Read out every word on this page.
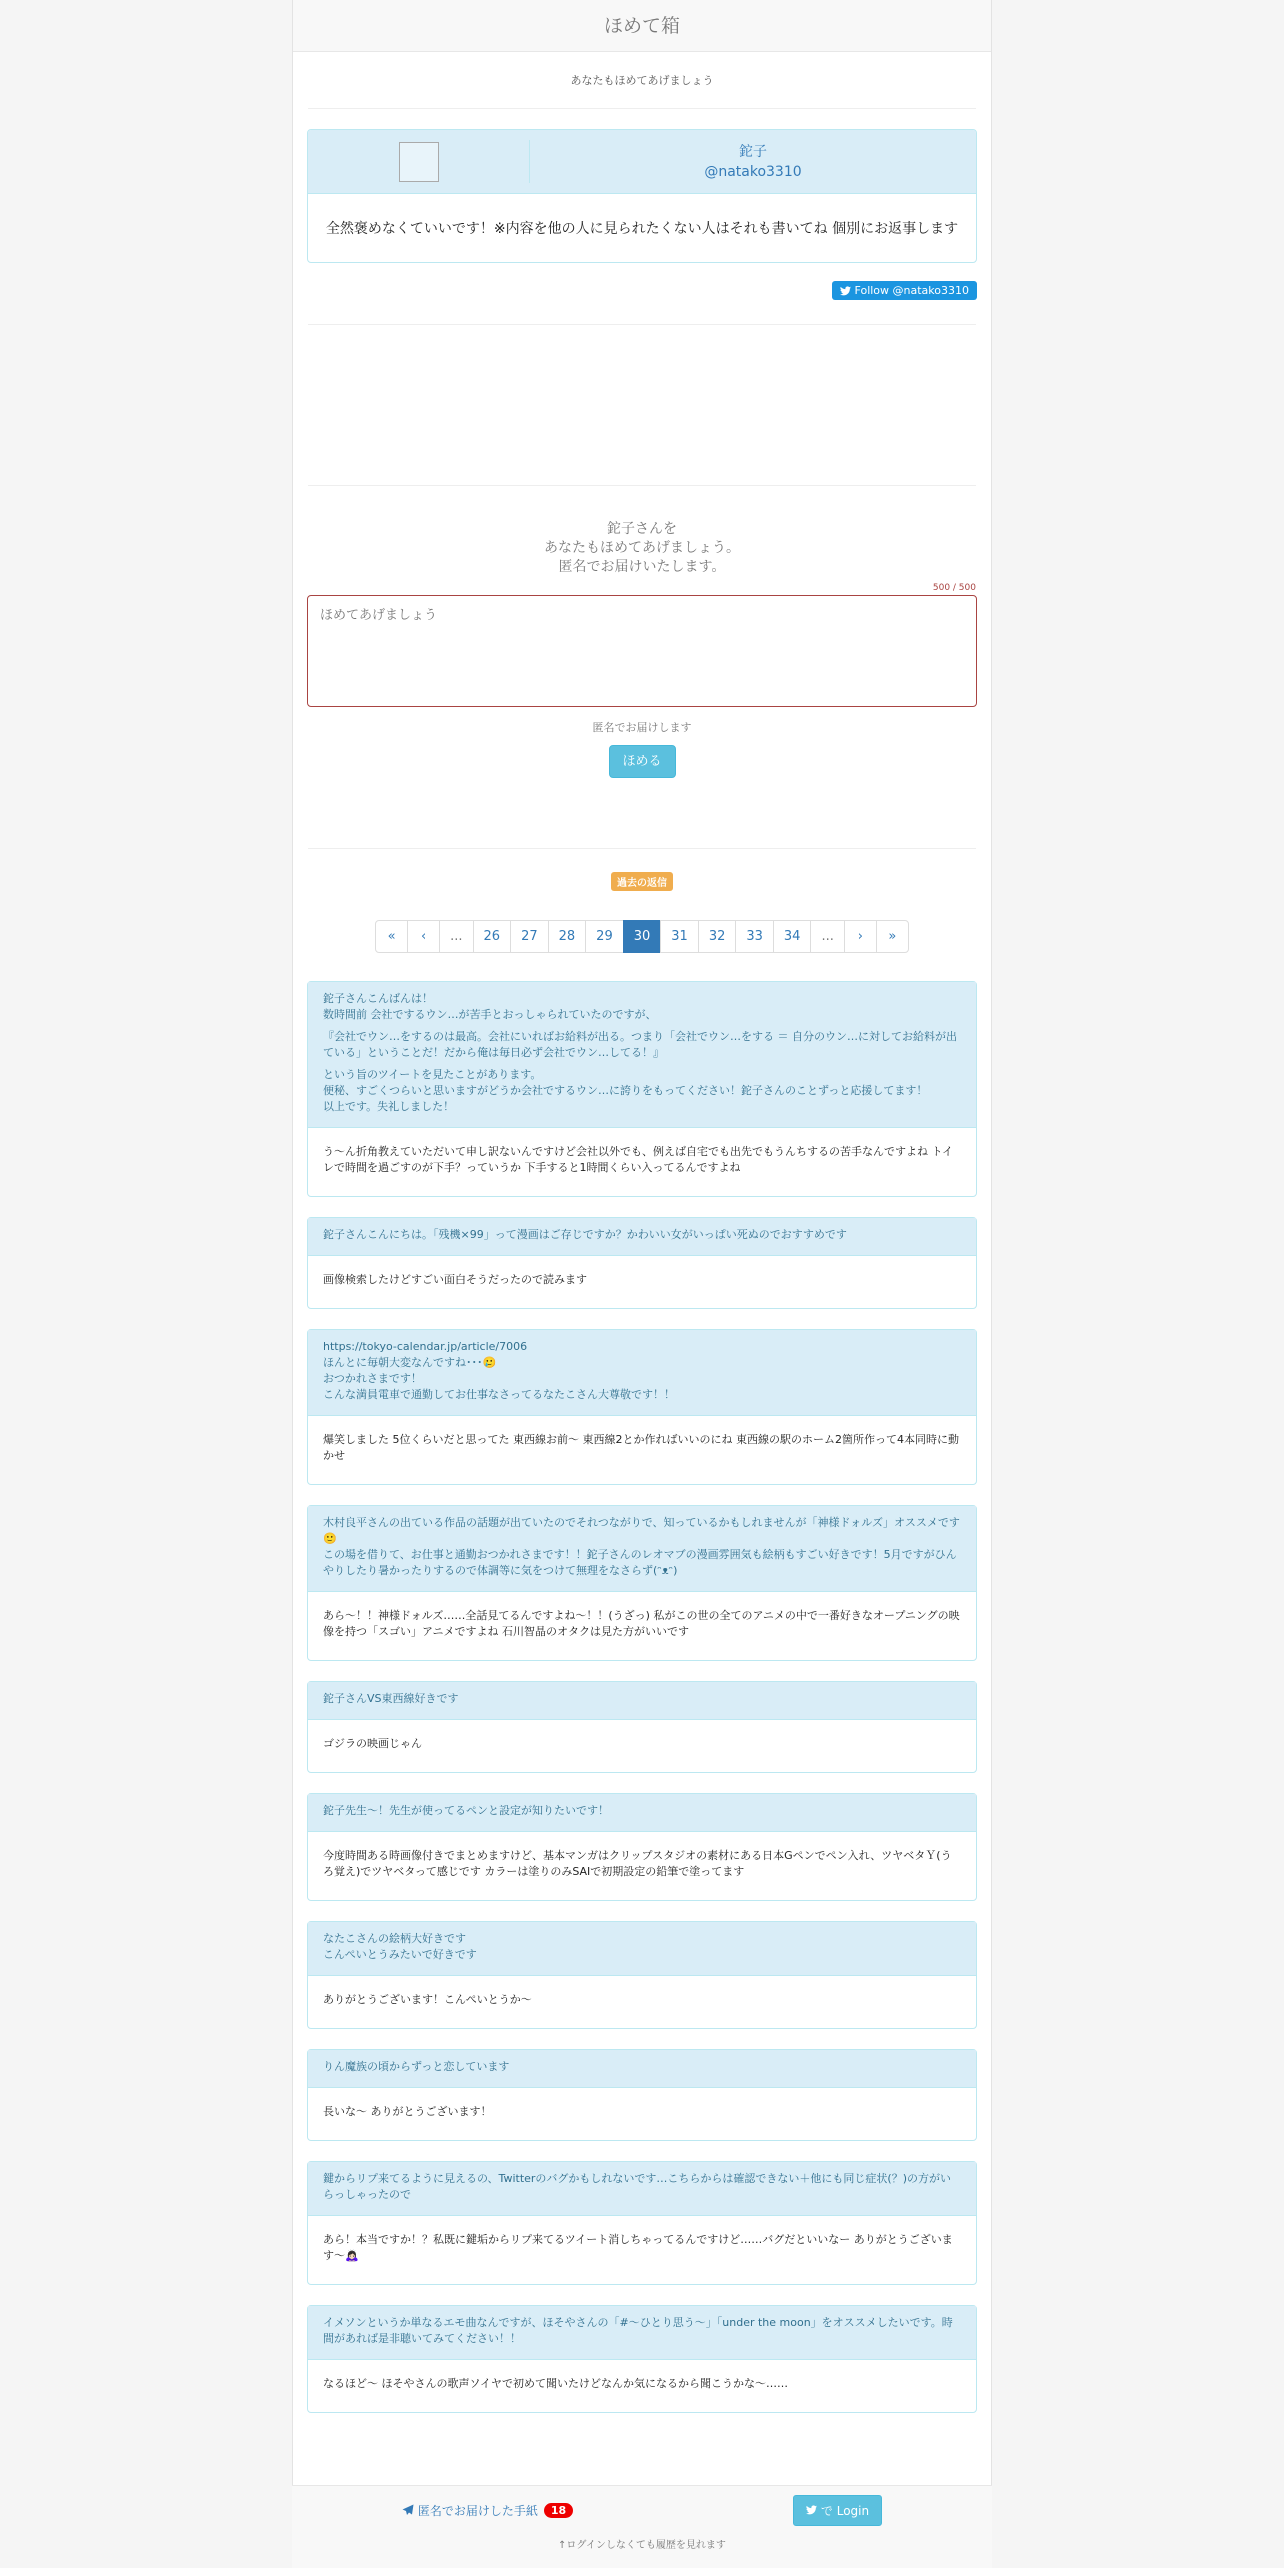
ほめて箱
あなたもほめてあげましょう
鉈子
@natako3310
全然褒めなくていいです！※内容を他の人に見られたくない人はそれも書いてね 個別にお返事します
Follow @natako3310
鉈子さんを
あなたもほめてあげましょう。
匿名でお届けいたします。
500 / 500
ほめてあげましょう
匿名でお届けします
ほめる
過去の返信
«	‹	...	26	27	28	29	30	31	32	33	34	...	›	»
鉈子さんこんばんは！
数時間前 会社でするウン…が苦手とおっしゃられていたのですが、
『会社でウン…をするのは最高。会社にいればお給料が出る。つまり「会社でウン…をする ＝ 自分のウン…に対してお給料が出ている」ということだ！だから俺は毎日必ず会社でウン…してる！』
という旨のツイートを見たことがあります。
便秘、すごくつらいと思いますがどうか会社でするウン…に誇りをもってください！鉈子さんのことずっと応援してます！
以上です。失礼しました！
う〜ん折角教えていただいて申し訳ないんですけど会社以外でも、例えば自宅でも出先でもうんちするの苦手なんですよね トイレで時間を過ごすのが下手？っていうか 下手すると1時間くらい入ってるんですよね
鉈子さんこんにちは。「残機×99」って漫画はご存じですか？かわいい女がいっぱい死ぬのでおすすめです
画像検索したけどすごい面白そうだったので読みます
https://tokyo-calendar.jp/article/7006
ほんとに毎朝大変なんですね･･･🥲
おつかれさまです！
こんな満員電車で通勤してお仕事なさってるなたこさん大尊敬です！！
爆笑しました 5位くらいだと思ってた 東西線お前〜 東西線2とか作ればいいのにね 東西線の駅のホーム2箇所作って4本同時に動かせ
木村良平さんの出ている作品の話題が出ていたのでそれつながりで、知っているかもしれませんが「神様ドォルズ」オススメです🙂
この場を借りて、お仕事と通勤おつかれさまです！！鉈子さんのレオマブの漫画雰囲気も絵柄もすごい好きです！5月ですがひんやりしたり暑かったりするので体調等に気をつけて無理をなさらず(ᵔᴥᵔ)
あら〜！！神様ドォルズ……全話見てるんですよね〜！！(うざっ) 私がこの世の全てのアニメの中で一番好きなオープニングの映像を持つ「スゴい」アニメですよね 石川智晶のオタクは見た方がいいです
鉈子さんVS東西線好きです
ゴジラの映画じゃん
鉈子先生〜！先生が使ってるペンと設定が知りたいです！
今度時間ある時画像付きでまとめますけど、基本マンガはクリップスタジオの素材にある日本Gペンでペン入れ、ツヤベタＹ(うろ覚え)でツヤベタって感じです カラーは塗りのみSAIで初期設定の鉛筆で塗ってます
なたこさんの絵柄大好きです
こんぺいとうみたいで好きです
ありがとうございます！こんぺいとうか〜
りん魔族の頃からずっと恋しています
長いな〜 ありがとうございます！
鍵からリプ来てるように見えるの、Twitterのバグかもしれないです…こちらからは確認できない＋他にも同じ症状(？)の方がいらっしゃったので
あら！本当ですか！？私既に鍵垢からリプ来てるツイート消しちゃってるんですけど……バグだといいなー ありがとうございます〜🙇🏻‍♀️
イメソンというか単なるエモ曲なんですが、ほそやさんの「#〜ひとり思う〜」「under the moon」をオススメしたいです。時間があれば是非聴いてみてください！！
なるほど〜 ほそやさんの歌声ソイヤで初めて聞いたけどなんか気になるから聞こうかな〜……
匿名でお届けした手紙	18	で Login
↑ログインしなくても履歴を見れます
